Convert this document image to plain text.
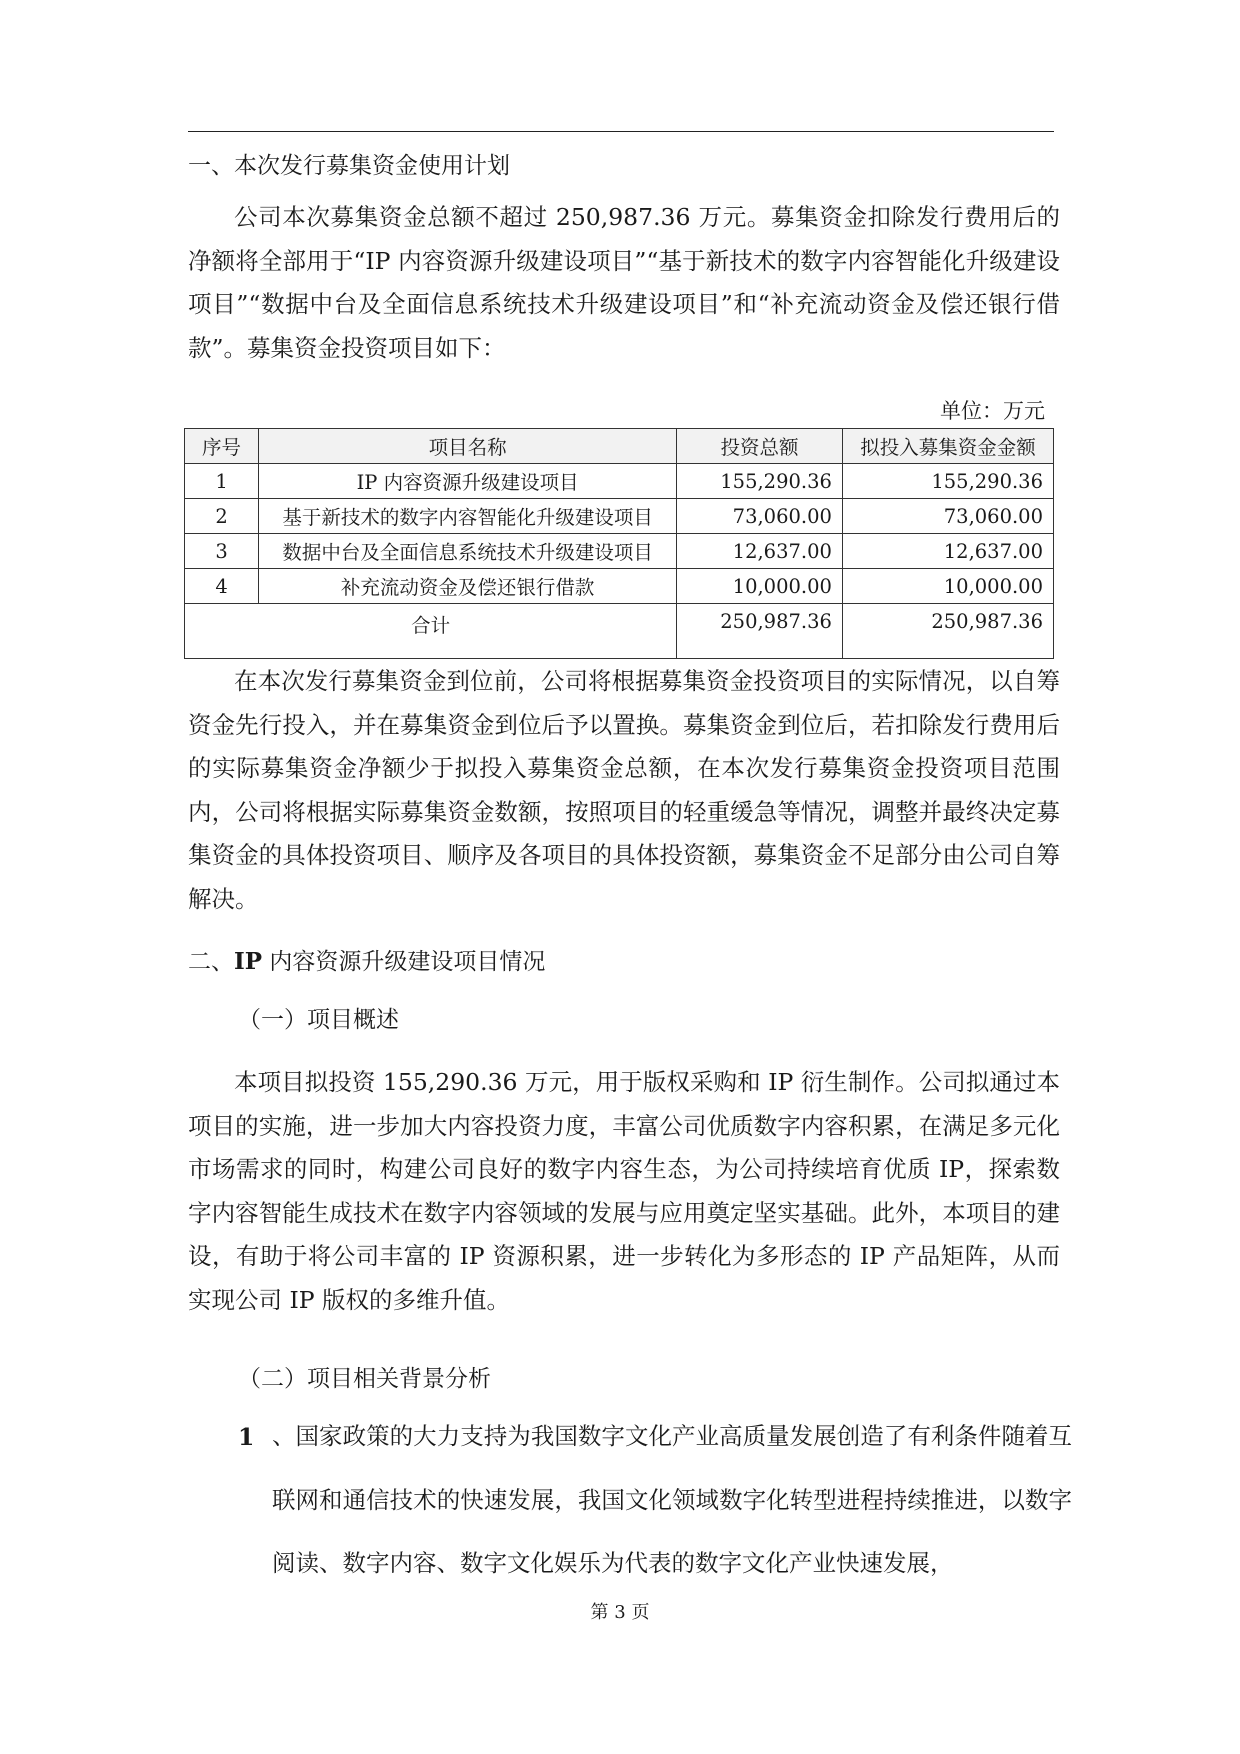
一、本次发行募集资金使用计划
公司本次募集资金总额不超过 250,987.36 万元。募集资金扣除发行费用后的净额将全部用于“IP 内容资源升级建设项目”“基于新技术的数字内容智能化升级建设项目”“数据中台及全面信息系统技术升级建设项目”和“补充流动资金及偿还银行借款”。募集资金投资项目如下：
单位：万元
序号	项目名称	投资总额	拟投入募集资金金额
1	IP 内容资源升级建设项目	155,290.36	155,290.36
2	基于新技术的数字内容智能化升级建设项目	73,060.00	73,060.00
3	数据中台及全面信息系统技术升级建设项目	12,637.00	12,637.00
4	补充流动资金及偿还银行借款	10,000.00	10,000.00
合计		250,987.36	250,987.36
在本次发行募集资金到位前，公司将根据募集资金投资项目的实际情况，以自筹资金先行投入，并在募集资金到位后予以置换。募集资金到位后，若扣除发行费用后的实际募集资金净额少于拟投入募集资金总额，在本次发行募集资金投资项目范围内，公司将根据实际募集资金数额，按照项目的轻重缓急等情况，调整并最终决定募集资金的具体投资项目、顺序及各项目的具体投资额，募集资金不足部分由公司自筹解决。
二、IP 内容资源升级建设项目情况
（一）项目概述
本项目拟投资 155,290.36 万元，用于版权采购和 IP 衍生制作。公司拟通过本项目的实施，进一步加大内容投资力度，丰富公司优质数字内容积累，在满足多元化市场需求的同时，构建公司良好的数字内容生态，为公司持续培育优质 IP，探索数字内容智能生成技术在数字内容领域的发展与应用奠定坚实基础。此外，本项目的建设，有助于将公司丰富的 IP 资源积累，进一步转化为多形态的 IP 产品矩阵，从而实现公司 IP 版权的多维升值。
（二）项目相关背景分析
1 、国家政策的大力支持为我国数字文化产业高质量发展创造了有利条件随着互联网和通信技术的快速发展，我国文化领域数字化转型进程持续推进，以数字阅读、数字内容、数字文化娱乐为代表的数字文化产业快速发展，
第 3 页
